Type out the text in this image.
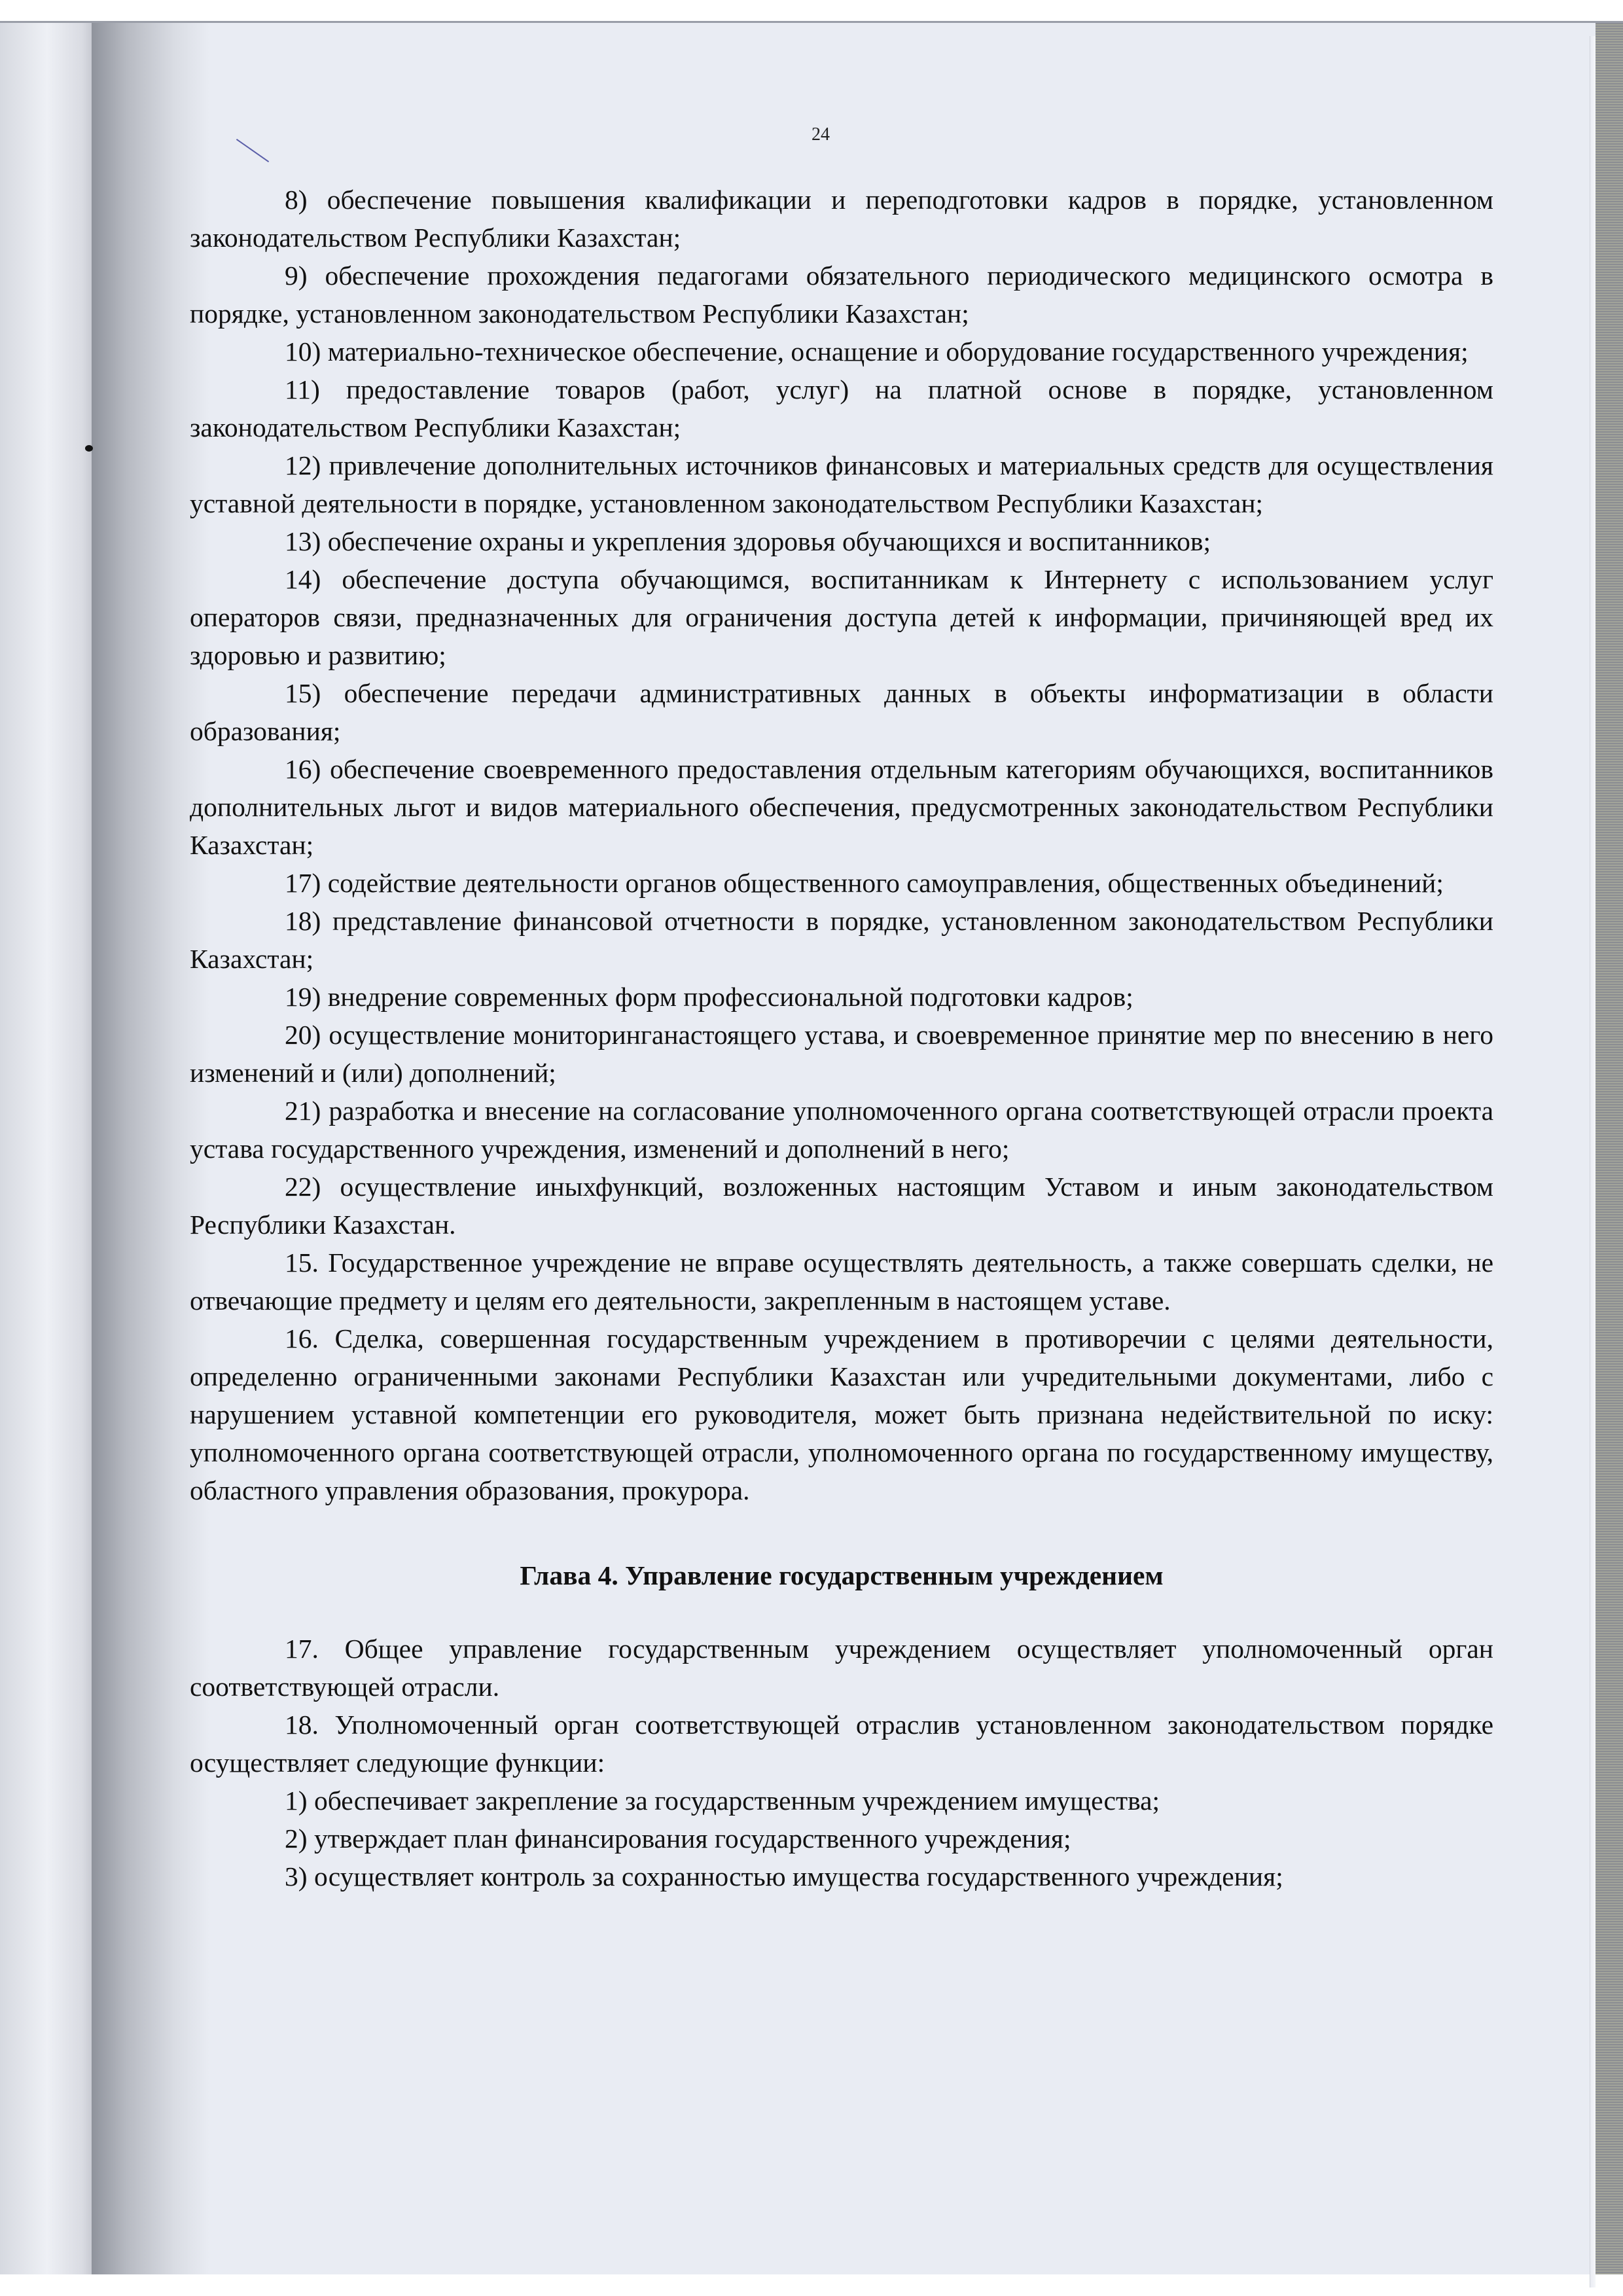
24

8) обеспечение повышения квалификации и переподготовки кадров в порядке, установленном законодательством Республики Казахстан;

9) обеспечение прохождения педагогами обязательного периодического медицинского осмотра в порядке, установленном законодательством Республики Казахстан;

10) материально-техническое обеспечение, оснащение и оборудование государственного учреждения;

11) предоставление товаров (работ, услуг) на платной основе в порядке, установленном законодательством Республики Казахстан;

12) привлечение дополнительных источников финансовых и материальных средств для осуществления уставной деятельности в порядке, установленном законодательством Республики Казахстан;

13) обеспечение охраны и укрепления здоровья обучающихся и воспитанников;

14) обеспечение доступа обучающимся, воспитанникам к Интернету с использованием услуг операторов связи, предназначенных для ограничения доступа детей к информации, причиняющей вред их здоровью и развитию;

15) обеспечение передачи административных данных в объекты информатизации в области образования;

16) обеспечение своевременного предоставления отдельным категориям обучающихся, воспитанников дополнительных льгот и видов материального обеспечения, предусмотренных законодательством Республики Казахстан;

17) содействие деятельности органов общественного самоуправления, общественных объединений;

18) представление финансовой отчетности в порядке, установленном законодательством Республики Казахстан;

19) внедрение современных форм профессиональной подготовки кадров;

20) осуществление мониторинганастоящего устава, и своевременное принятие мер по внесению в него изменений и (или) дополнений;

21) разработка и внесение на согласование уполномоченного органа соответствующей отрасли проекта устава государственного учреждения, изменений и дополнений в него;

22) осуществление иныхфункций, возложенных настоящим Уставом и иным законодательством Республики Казахстан.

15. Государственное учреждение не вправе осуществлять деятельность, а также совершать сделки, не отвечающие предмету и целям его деятельности, закрепленным в настоящем уставе.

16. Сделка, совершенная государственным учреждением в противоречии с целями деятельности, определенно ограниченными законами Республики Казахстан или учредительными документами, либо с нарушением уставной компетенции его руководителя, может быть признана недействительной по иску: уполномоченного органа соответствующей отрасли, уполномоченного органа по государственному имуществу, областного управления образования, прокурора.

Глава 4. Управление государственным учреждением

17. Общее управление государственным учреждением осуществляет уполномоченный орган соответствующей отрасли.

18. Уполномоченный орган соответствующей отраслив установленном законодательством порядке осуществляет следующие функции:

1) обеспечивает закрепление за государственным учреждением имущества;

2) утверждает план финансирования государственного учреждения;

3) осуществляет контроль за сохранностью имущества государственного учреждения;
